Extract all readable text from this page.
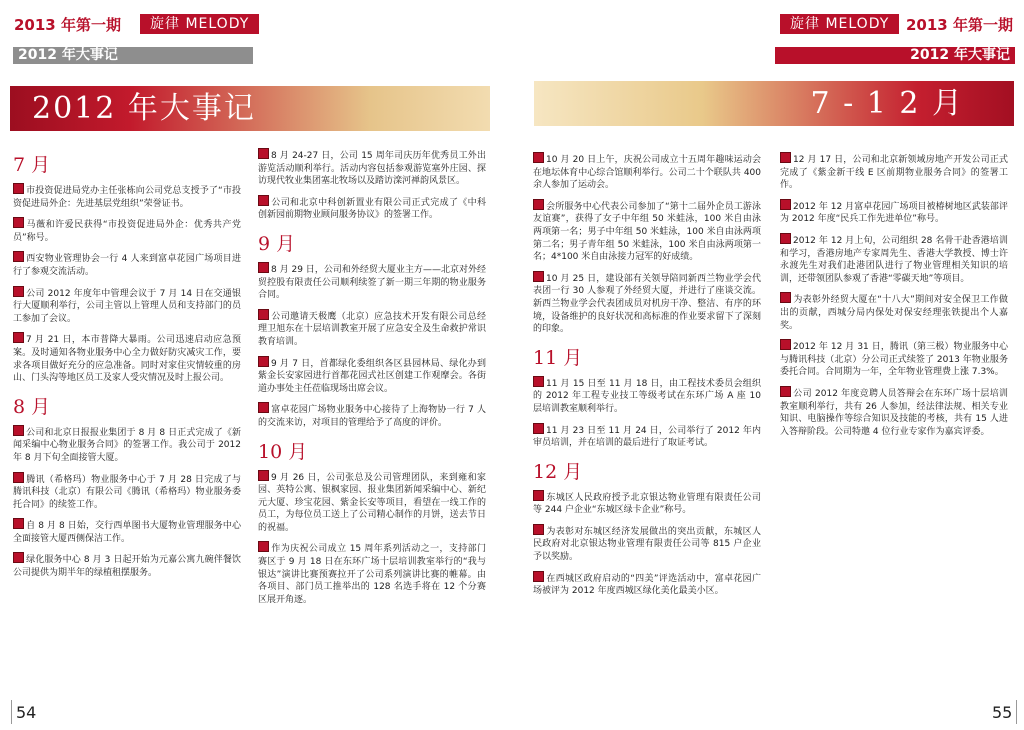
2013 年第一期	旋律 MELODY
2012 年大事记
2012 年大事记
旋律 MELODY	2013 年第一期
2012 年大事记
7 - 1 2 月
7 月
市投资促进局党办主任张栋向公司党总支授予了“市投资促进局外企：先进基层党组织”荣誉证书。
马薇和许爱民获得“市投资促进局外企：优秀共产党员”称号。
西安物业管理协会一行 4 人来到富卓花园广场项目进行了参观交流活动。
公司 2012 年度年中管理会议于 7 月 14 日在交通银行大厦顺利举行，公司主管以上管理人员和支持部门的员工参加了会议。
7 月 21 日，本市普降大暴雨。公司迅速启动应急预案。及时通知各物业服务中心全力做好防灾减灾工作，要求各项目做好充分的应急准备。同时对家住灾情较重的房山、门头沟等地区员工及家人受灾情况及时上报公司。
8 月
公司和北京日报报业集团于 8 月 8 日正式完成了《新闻采编中心物业服务合同》的签署工作。我公司于 2012 年 8 月下旬全面接管大厦。
腾讯（希格玛）物业服务中心于 7 月 28 日完成了与腾讯科技（北京）有限公司《腾讯（希格玛）物业服务委托合同》的续签工作。
自 8 月 8 日始，交行西单图书大厦物业管理服务中心全面接管大厦西侧保洁工作。
绿化服务中心 8 月 3 日起开始为元嘉公寓九碗伴餐饮公司提供为期半年的绿植租摆服务。
8 月 24-27 日，公司 15 周年司庆历年优秀员工外出游览活动顺利举行。活动内容包括参观游览塞外庄园、探访现代牧业集团塞北牧场以及踏访滦河禅韵风景区。
公司和北京中科创新置业有限公司正式完成了《中科创新园前期物业顾问服务协议》的签署工作。
9 月
8 月 29 日，公司和外经贸大厦业主方——北京对外经贸控股有限责任公司顺利续签了新一期三年期的物业服务合同。
公司邀请天极鹰（北京）应急技术开发有限公司总经理卫旭东在十层培训教室开展了应急安全及生命救护常识教育培训。
9 月 7 日，首都绿化委组织各区县园林局、绿化办到紫金长安家园进行首都花园式社区创建工作观摩会。各街道办事处主任莅临现场出席会议。
富卓花园广场物业服务中心接待了上海物协一行 7 人的交流来访，对项目的管理给予了高度的评价。
10 月
9 月 26 日，公司张总及公司管理团队，来到雍和家园、英特公寓、银枫家园、报业集团新闻采编中心、新纪元大厦、珍宝花园、紫金长安等项目，看望在一线工作的员工，为每位员工送上了公司精心制作的月饼，送去节日的祝福。
作为庆祝公司成立 15 周年系列活动之一，支持部门赛区于 9 月 18 日在东环广场十层培训教室举行的“我与银达”演讲比赛预赛拉开了公司系列演讲比赛的帷幕。由各项目、部门员工推举出的 128 名选手将在 12 个分赛区展开角逐。
10 月 20 日上午，庆祝公司成立十五周年趣味运动会在地坛体育中心综合馆顺利举行。公司二十个联队共 400 余人参加了运动会。
会所服务中心代表公司参加了“第十二届外企员工游泳友谊赛”，获得了女子中年组 50 米蛙泳，100 米自由泳两项第一名；男子中年组 50 米蛙泳，100 米自由泳两项第二名；男子青年组 50 米蛙泳，100 米自由泳两项第一名；4*100 米自由泳接力冠军的好成绩。
10 月 25 日，建设部有关领导陪同新西兰物业学会代表团一行 30 人参观了外经贸大厦，并进行了座谈交流。新西兰物业学会代表团成员对机房干净、整洁、有序的环境，设备维护的良好状况和高标准的作业要求留下了深刻的印象。
11 月
11 月 15 日至 11 月 18 日，由工程技术委员会组织的 2012 年工程专业技工等级考试在东环广场 A 座 10 层培训教室顺利举行。
11 月 23 日至 11 月 24 日，公司举行了 2012 年内审员培训，并在培训的最后进行了取证考试。
12 月
东城区人民政府授予北京银达物业管理有限责任公司等 244 户企业“东城区绿卡企业”称号。
为表彰对东城区经济发展做出的突出贡献，东城区人民政府对北京银达物业管理有限责任公司等 815 户企业予以奖励。
在西城区政府启动的“四美”评选活动中，富卓花园广场被评为 2012 年度西城区绿化美化最美小区。
12 月 17 日，公司和北京新领域房地产开发公司正式完成了《紫金新干线 E 区前期物业服务合同》的签署工作。
2012 年 12 月富卓花园广场项目被椿树地区武装部评为 2012 年度“民兵工作先进单位”称号。
2012 年 12 月上旬，公司组织 28 名骨干赴香港培训和学习，香港房地产专家周先生、香港大学教授、博士许永渡先生对我们赴港团队进行了物业管理相关知识的培训，还带领团队参观了香港“零碳天地”等项目。
为表彰外经贸大厦在“十八大”期间对安全保卫工作做出的贡献，西城分局内保处对保安经理张铁提出个人嘉奖。
2012 年 12 月 31 日，腾讯（第三极）物业服务中心与腾讯科技（北京）分公司正式续签了 2013 年物业服务委托合同。合同期为一年，全年物业管理费上涨 7.3%。
公司 2012 年度竞聘人员答辩会在东环广场十层培训教室顺利举行，共有 26 人参加，经法律法规、相关专业知识、电脑操作等综合知识及技能的考核，共有 15 人进入答辩阶段。公司特邀 4 位行业专家作为嘉宾评委。
54	55
